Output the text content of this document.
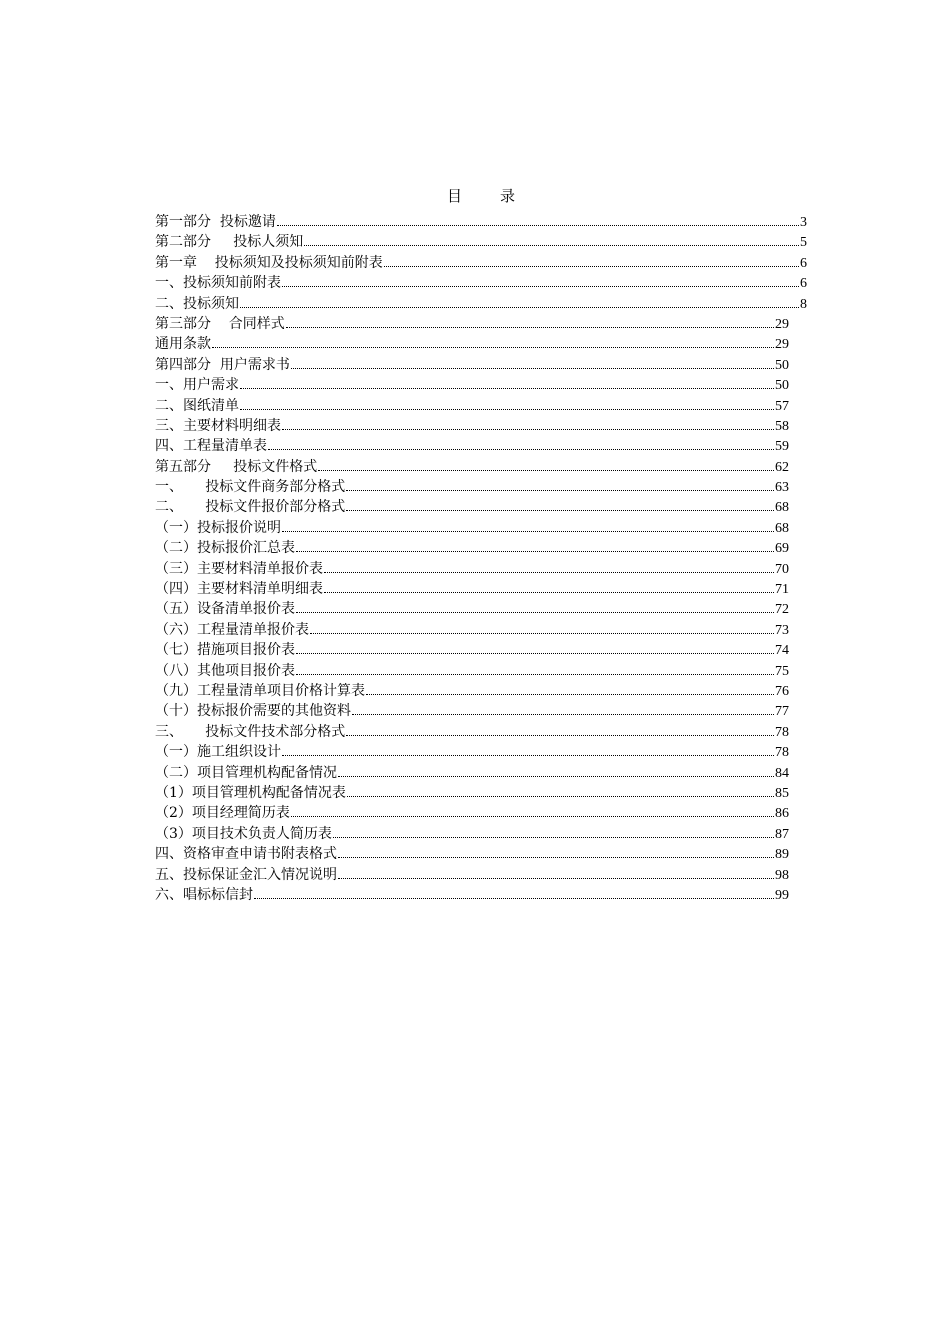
目	录
第一部分  投标邀请	3
第二部分     投标人须知	5
第一章    投标须知及投标须知前附表	6
一、投标须知前附表	6
二、投标须知	8
第三部分    合同样式	29
通用条款	29
第四部分  用户需求书	50
一、用户需求	50
二、图纸清单	57
三、主要材料明细表	58
四、工程量清单表	59
第五部分     投标文件格式	62
一、     投标文件商务部分格式	63
二、     投标文件报价部分格式	68
（一）投标报价说明	68
（二）投标报价汇总表	69
（三）主要材料清单报价表	70
（四）主要材料清单明细表	71
（五）设备清单报价表	72
（六）工程量清单报价表	73
（七）措施项目报价表	74
（八）其他项目报价表	75
（九）工程量清单项目价格计算表	76
（十）投标报价需要的其他资料	77
三、     投标文件技术部分格式	78
（一）施工组织设计	78
（二）项目管理机构配备情况	84
（1）项目管理机构配备情况表	85
（2）项目经理简历表	86
（3）项目技术负责人简历表	87
四、资格审查申请书附表格式	89
五、投标保证金汇入情况说明	98
六、唱标标信封	99
